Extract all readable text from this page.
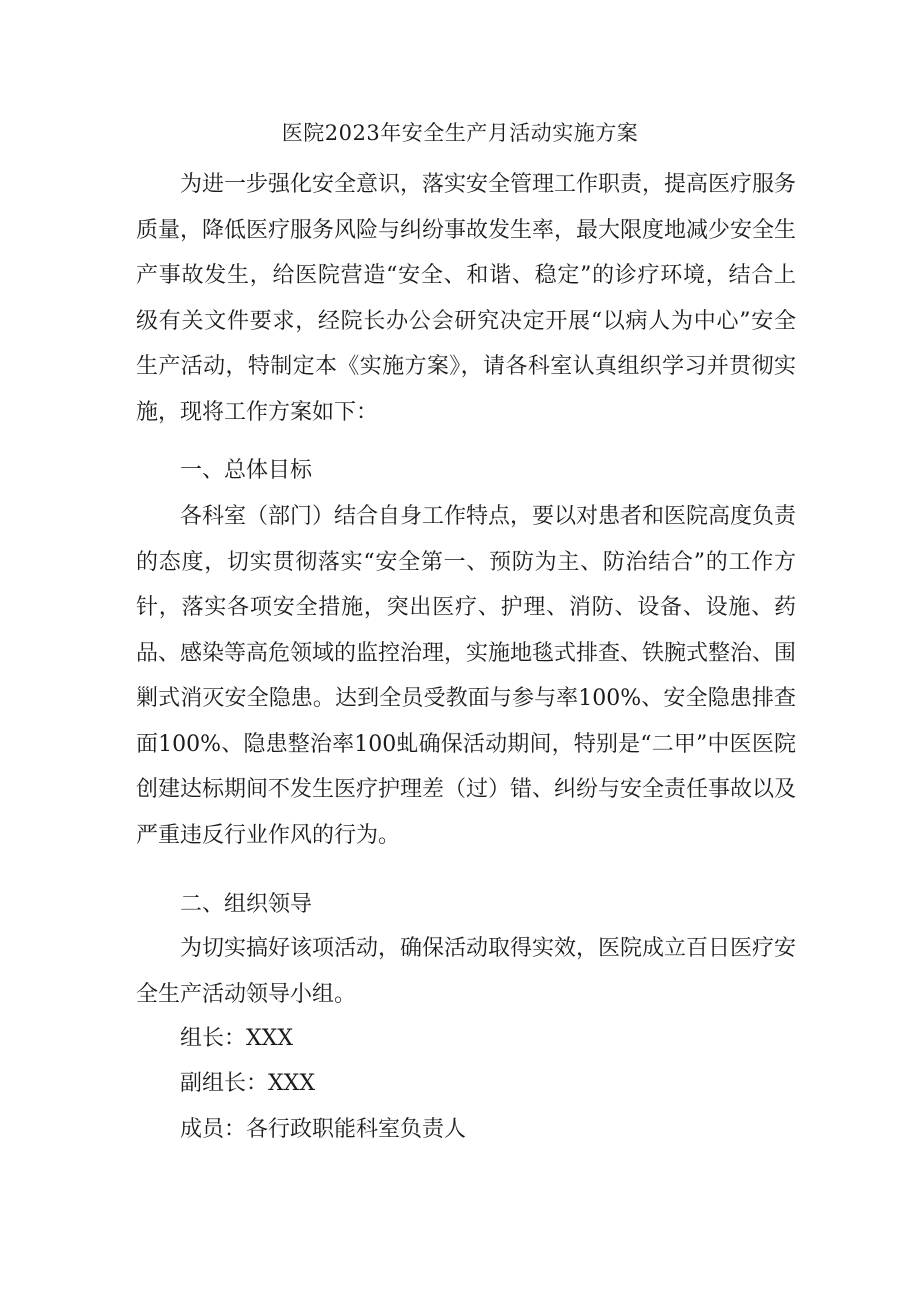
医院2023年安全生产月活动实施方案

为进一步强化安全意识，落实安全管理工作职责，提高医疗服务质量，降低医疗服务风险与纠纷事故发生率，最大限度地减少安全生产事故发生，给医院营造“安全、和谐、稳定”的诊疗环境，结合上级有关文件要求，经院长办公会研究决定开展“以病人为中心”安全生产活动，特制定本《实施方案》，请各科室认真组织学习并贯彻实施，现将工作方案如下：

一、总体目标

各科室（部门）结合自身工作特点，要以对患者和医院高度负责的态度，切实贯彻落实“安全第一、预防为主、防治结合”的工作方针，落实各项安全措施，突出医疗、护理、消防、设备、设施、药品、感染等高危领域的监控治理，实施地毯式排查、铁腕式整治、围剿式消灭安全隐患。达到全员受教面与参与率100%、安全隐患排查面100%、隐患整治率100虬确保活动期间，特别是“二甲”中医医院创建达标期间不发生医疗护理差（过）错、纠纷与安全责任事故以及严重违反行业作风的行为。

二、组织领导

为切实搞好该项活动，确保活动取得实效，医院成立百日医疗安全生产活动领导小组。

组长：XXX
副组长：XXX
成员：各行政职能科室负责人
